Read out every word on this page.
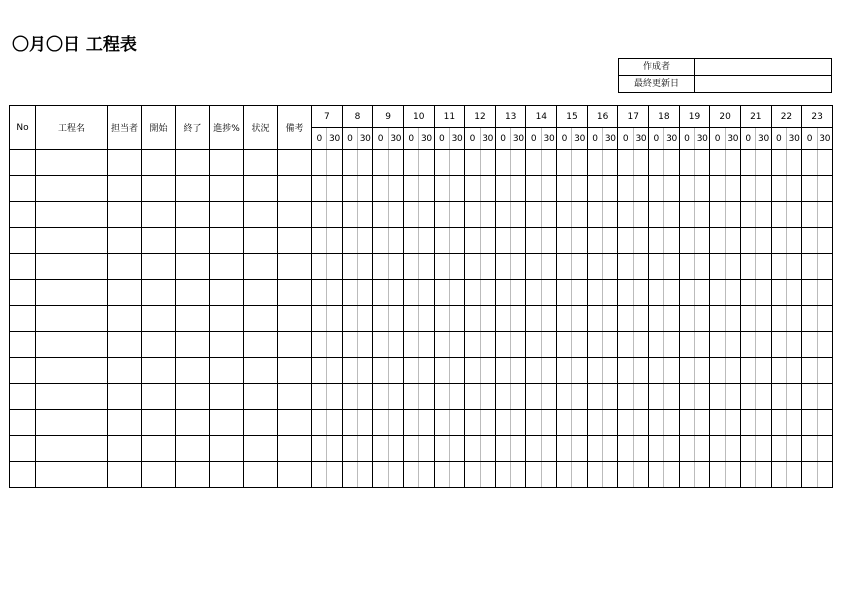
〇月〇日 工程表
作成者	
最終更新日	
No	工程名	担当者	開始	終了	進捗%	状況	備考	7		8		9		10		11		12		13		14		15		16		17		18		19		20		21		22		23	
								0	30	0	30	0	30	0	30	0	30	0	30	0	30	0	30	0	30	0	30	0	30	0	30	0	30	0	30	0	30	0	30	0	30
